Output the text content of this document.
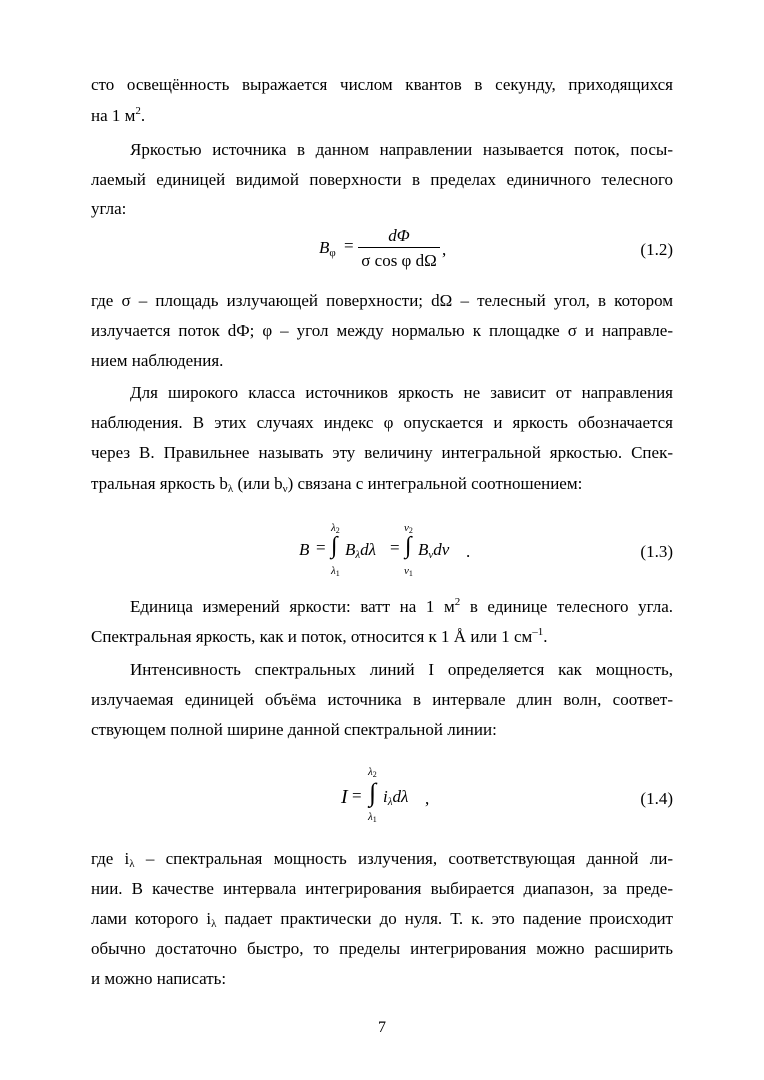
сто освещённость выражается числом квантов в секунду, приходящихся
на 1 $м^2$.
Яркостью источника в данном направлении называется поток, посы-
лаемый единицей видимой поверхности в пределах единичного телесного
угла:
$B_\varphi$ =
dΦ
σ cos φ dΩ
,	(1.2)
где σ – площадь излучающей поверхности; dΩ – телесный угол, в котором
излучается поток dФ; φ – угол между нормалью к площадке σ и направле-
нием наблюдения.
Для широкого класса источников яркость не зависит от направления
наблюдения. В этих случаях индекс φ опускается и яркость обозначается
через B. Правильнее называть эту величину интегральной яркостью. Спек-
тральная яркость $b_\lambda$ (или $b_\nu$) связана с интегральной соотношением:
B =
λ2
∫
λ1
$B_\lambda d\lambda$ =
ν2
∫
ν1
$B_\nu d\nu$ .	(1.3)
Единица измерений яркости: ватт на 1 $м^2$ в единице телесного угла.
Спектральная яркость, как и поток, относится к 1 Å или 1 $см^{-1}$.
Интенсивность спектральных линий I определяется как мощность,
излучаемая единицей объёма источника в интервале длин волн, соответ-
ствующем полной ширине данной спектральной линии:
I =
λ2
∫
λ1
$i_\lambda d\lambda$ ,	(1.4)
где $i_\lambda$ – спектральная мощность излучения, соответствующая данной ли-
нии. В качестве интервала интегрирования выбирается диапазон, за преде-
лами которого $i_\lambda$ падает практически до нуля. Т. к. это падение происходит
обычно достаточно быстро, то пределы интегрирования можно расширить
и можно написать:
7
